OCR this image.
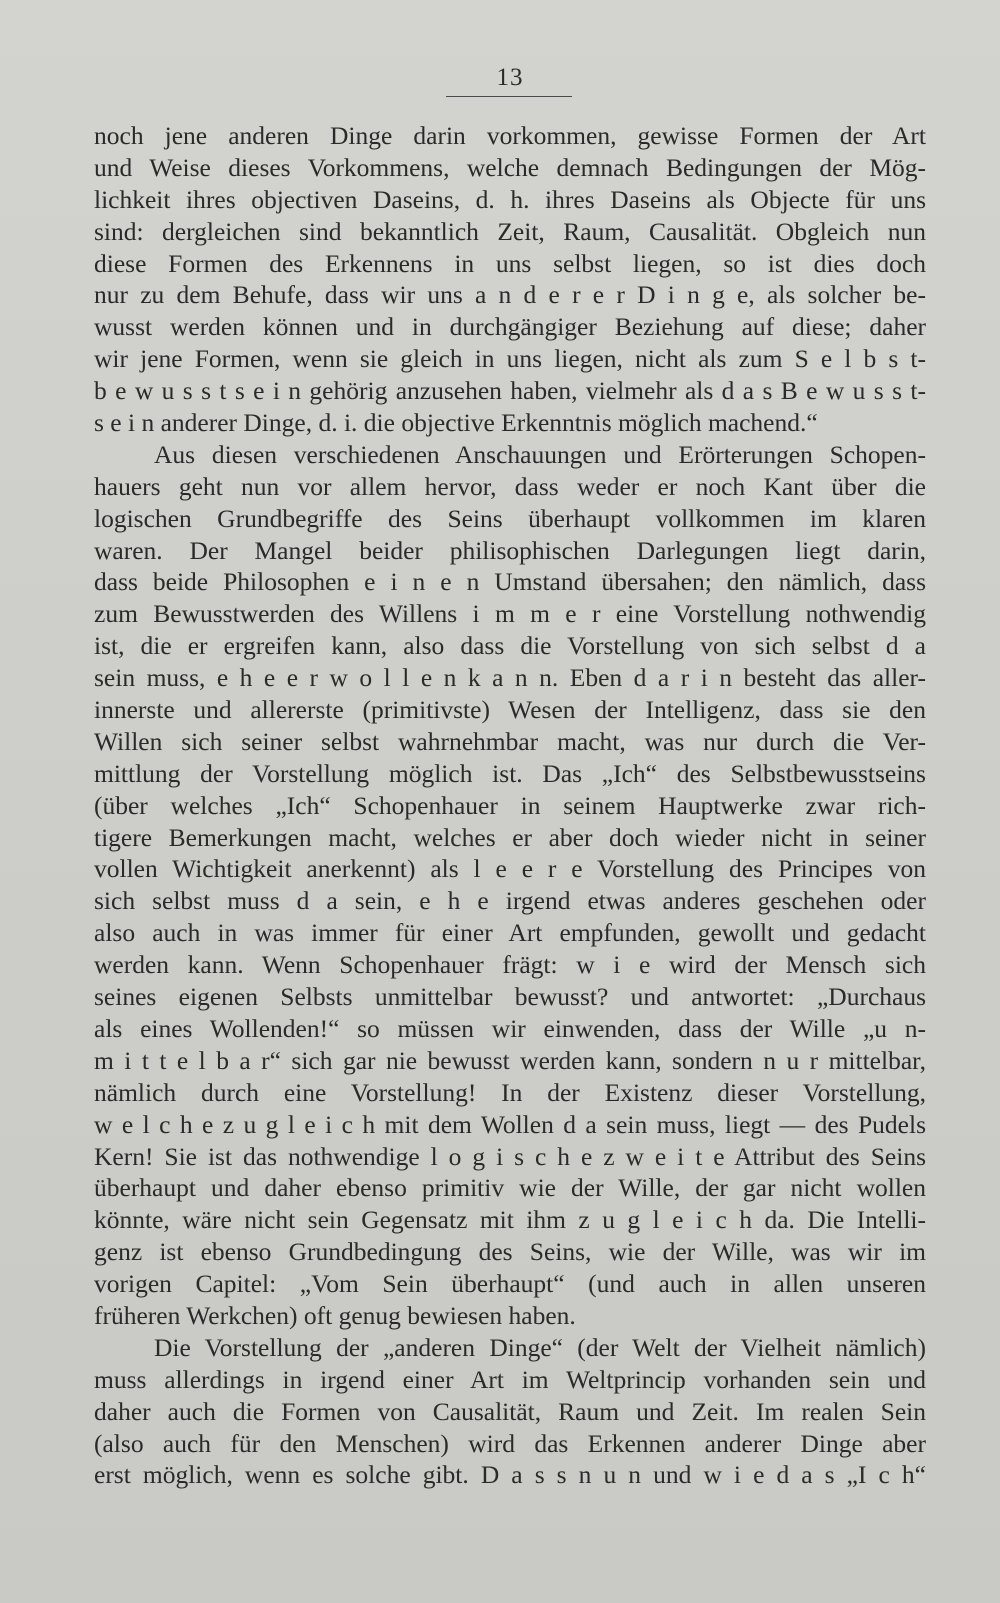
13
noch jene anderen Dinge darin vorkommen, gewisse Formen der Art
und Weise dieses Vorkommens, welche demnach Bedingungen der Mög-
lichkeit ihres objectiven Daseins, d. h. ihres Daseins als Objecte für uns
sind: dergleichen sind bekanntlich Zeit, Raum, Causalität. Obgleich nun
diese Formen des Erkennens in uns selbst liegen, so ist dies doch
nur zu dem Behufe, dass wir uns a n d e r e r D i n g e, als solcher be-
wusst werden können und in durchgängiger Beziehung auf diese; daher
wir jene Formen, wenn sie gleich in uns liegen, nicht als zum S e l b s t-
b e w u s s t s e i n gehörig anzusehen haben, vielmehr als d a s B e w u s s t-
s e i n anderer Dinge, d. i. die objective Erkenntnis möglich machend.“
Aus diesen verschiedenen Anschauungen und Erörterungen Schopen-
hauers geht nun vor allem hervor, dass weder er noch Kant über die
logischen Grundbegriffe des Seins überhaupt vollkommen im klaren
waren. Der Mangel beider philisophischen Darlegungen liegt darin,
dass beide Philosophen e i n e n Umstand übersahen; den nämlich, dass
zum Bewusstwerden des Willens i m m e r eine Vorstellung nothwendig
ist, die er ergreifen kann, also dass die Vorstellung von sich selbst d a
sein muss, e h e e r w o l l e n k a n n. Eben d a r i n besteht das aller-
innerste und allererste (primitivste) Wesen der Intelligenz, dass sie den
Willen sich seiner selbst wahrnehmbar macht, was nur durch die Ver-
mittlung der Vorstellung möglich ist. Das „Ich“ des Selbstbewusstseins
(über welches „Ich“ Schopenhauer in seinem Hauptwerke zwar rich-
tigere Bemerkungen macht, welches er aber doch wieder nicht in seiner
vollen Wichtigkeit anerkennt) als l e e r e Vorstellung des Principes von
sich selbst muss d a sein, e h e irgend etwas anderes geschehen oder
also auch in was immer für einer Art empfunden, gewollt und gedacht
werden kann. Wenn Schopenhauer frägt: w i e wird der Mensch sich
seines eigenen Selbsts unmittelbar bewusst? und antwortet: „Durchaus
als eines Wollenden!“ so müssen wir einwenden, dass der Wille „u n-
m i t t e l b a r“ sich gar nie bewusst werden kann, sondern n u r mittelbar,
nämlich durch eine Vorstellung! In der Existenz dieser Vorstellung,
w e l c h e z u g l e i c h mit dem Wollen d a sein muss, liegt — des Pudels
Kern! Sie ist das nothwendige l o g i s c h e z w e i t e Attribut des Seins
überhaupt und daher ebenso primitiv wie der Wille, der gar nicht wollen
könnte, wäre nicht sein Gegensatz mit ihm z u g l e i c h da. Die Intelli-
genz ist ebenso Grundbedingung des Seins, wie der Wille, was wir im
vorigen Capitel: „Vom Sein überhaupt“ (und auch in allen unseren
früheren Werkchen) oft genug bewiesen haben.
Die Vorstellung der „anderen Dinge“ (der Welt der Vielheit nämlich)
muss allerdings in irgend einer Art im Weltprincip vorhanden sein und
daher auch die Formen von Causalität, Raum und Zeit. Im realen Sein
(also auch für den Menschen) wird das Erkennen anderer Dinge aber
erst möglich, wenn es solche gibt. D a s s n u n und w i e d a s „I c h“
